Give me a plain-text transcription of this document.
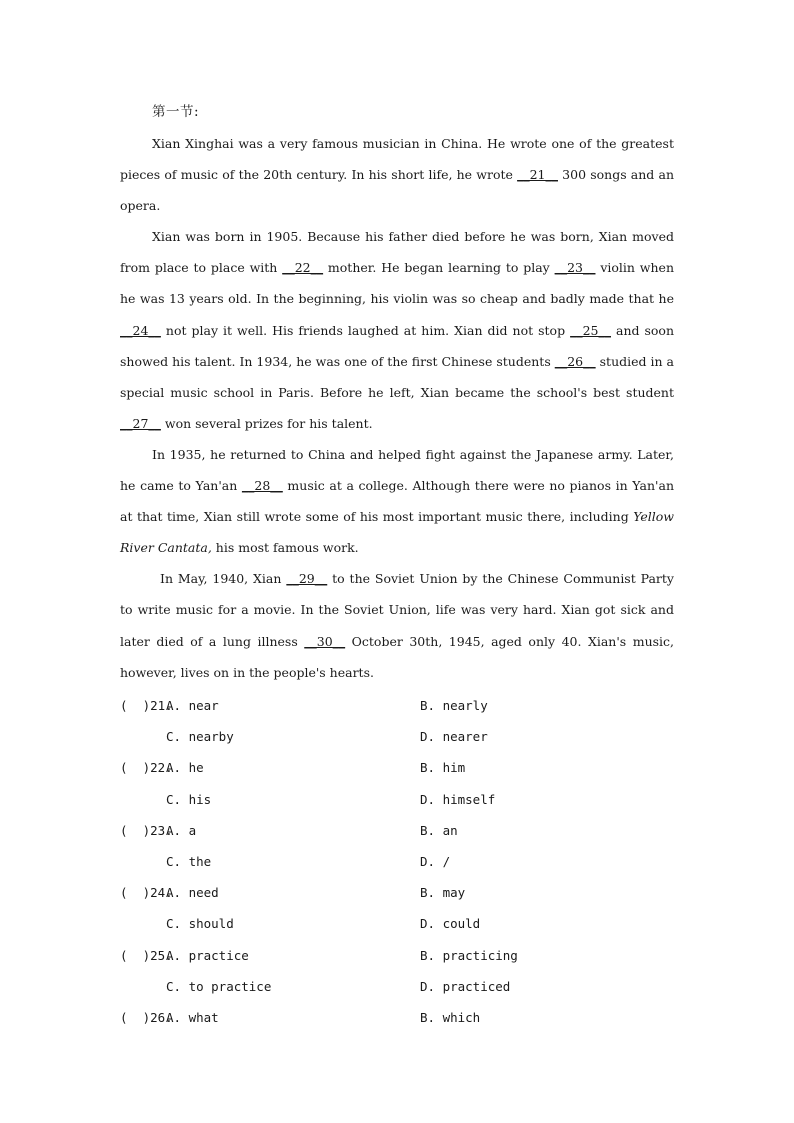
第一节:

Xian Xinghai was a very famous musician in China. He wrote one of the greatest pieces of music of the 20th century. In his short life, he wrote __21__ 300 songs and an opera.

Xian was born in 1905. Because his father died before he was born, Xian moved from place to place with __22__ mother. He began learning to play __23__ violin when he was 13 years old. In the beginning, his violin was so cheap and badly made that he __24__ not play it well. His friends laughed at him. Xian did not stop __25__ and soon showed his talent. In 1934, he was one of the first Chinese students __26__ studied in a special music school in Paris. Before he left, Xian became the school's best student __27__ won several prizes for his talent.

In 1935, he returned to China and helped fight against the Japanese army. Later, he came to Yan'an __28__ music at a college. Although there were no pianos in Yan'an at that time, Xian still wrote some of his most important music there, including Yellow River Cantata, his most famous work.

In May, 1940, Xian __29__ to the Soviet Union by the Chinese Communist Party to write music for a movie. In the Soviet Union, life was very hard. Xian got sick and later died of a lung illness __30__ October 30th, 1945, aged only 40. Xian's music, however, lives on in the people's hearts.

(  )21.
A. near	B. nearly
C. nearby	D. nearer
(  )22.
A. he	B. him
C. his	D. himself
(  )23.
A. a	B. an
C. the	D. /
(  )24.
A. need	B. may
C. should	D. could
(  )25.
A. practice	B. practicing
C. to practice	D. practiced
(  )26.
A. what	B. which
